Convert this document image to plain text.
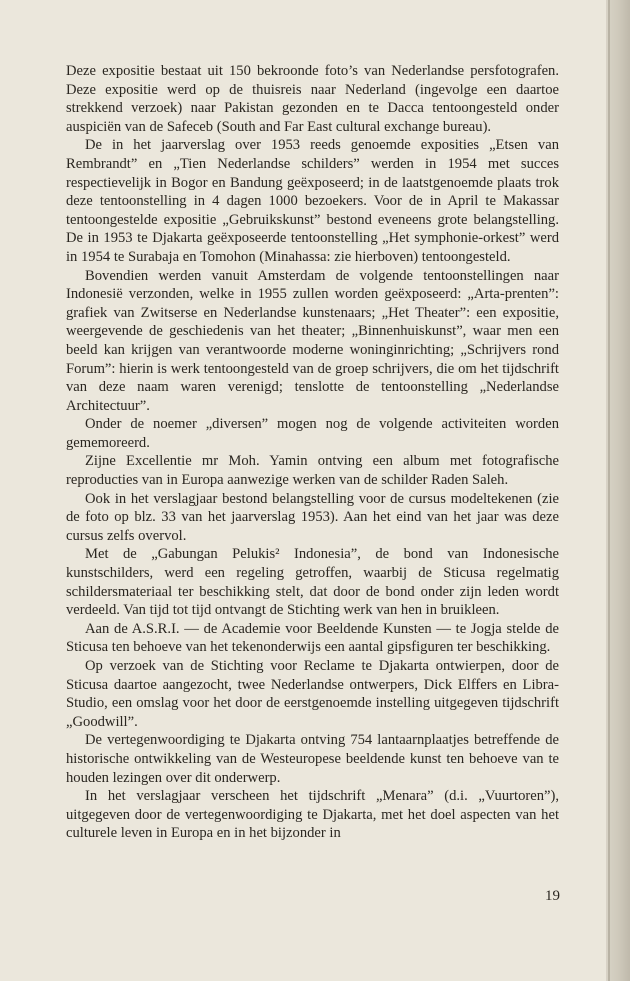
Deze expositie bestaat uit 150 bekroonde foto’s van Nederlandse persfotografen. Deze expositie werd op de thuisreis naar Nederland (ingevolge een daartoe strekkend verzoek) naar Pakistan gezonden en te Dacca tentoongesteld onder auspiciën van de Safeceb (South and Far East cultural exchange bureau).

De in het jaarverslag over 1953 reeds genoemde exposities „Etsen van Rembrandt” en „Tien Nederlandse schilders” werden in 1954 met succes respectievelijk in Bogor en Bandung geëxposeerd; in de laatstgenoemde plaats trok deze tentoonstelling in 4 dagen 1000 bezoekers. Voor de in April te Makassar tentoongestelde expositie „Gebruikskunst” bestond eveneens grote belangstelling. De in 1953 te Djakarta geëxposeerde tentoonstelling „Het symphonie-orkest” werd in 1954 te Surabaja en Tomohon (Minahassa: zie hierboven) tentoongesteld.

Bovendien werden vanuit Amsterdam de volgende tentoonstellingen naar Indonesië verzonden, welke in 1955 zullen worden geëxposeerd: „Arta-prenten”: grafiek van Zwitserse en Nederlandse kunstenaars; „Het Theater”: een expositie, weergevende de geschiedenis van het theater; „Binnenhuiskunst”, waar men een beeld kan krijgen van verantwoorde moderne woninginrichting; „Schrijvers rond Forum”: hierin is werk tentoongesteld van de groep schrijvers, die om het tijdschrift van deze naam waren verenigd; tenslotte de tentoonstelling „Nederlandse Architectuur”.

Onder de noemer „diversen” mogen nog de volgende activiteiten worden gememoreerd.

Zijne Excellentie mr Moh. Yamin ontving een album met fotografische reproducties van in Europa aanwezige werken van de schilder Raden Saleh.

Ook in het verslagjaar bestond belangstelling voor de cursus modeltekenen (zie de foto op blz. 33 van het jaarverslag 1953). Aan het eind van het jaar was deze cursus zelfs overvol.

Met de „Gabungan Pelukis² Indonesia”, de bond van Indonesische kunstschilders, werd een regeling getroffen, waarbij de Sticusa regelmatig schildersmateriaal ter beschikking stelt, dat door de bond onder zijn leden wordt verdeeld. Van tijd tot tijd ontvangt de Stichting werk van hen in bruikleen.

Aan de A.S.R.I. — de Academie voor Beeldende Kunsten — te Jogja stelde de Sticusa ten behoeve van het tekenonderwijs een aantal gipsfiguren ter beschikking.

Op verzoek van de Stichting voor Reclame te Djakarta ontwierpen, door de Sticusa daartoe aangezocht, twee Nederlandse ontwerpers, Dick Elffers en Libra-Studio, een omslag voor het door de eerstgenoemde instelling uitgegeven tijdschrift „Goodwill”.

De vertegenwoordiging te Djakarta ontving 754 lantaarnplaatjes betreffende de historische ontwikkeling van de Westeuropese beeldende kunst ten behoeve van te houden lezingen over dit onderwerp.

In het verslagjaar verscheen het tijdschrift „Menara” (d.i. „Vuurtoren”), uitgegeven door de vertegenwoordiging te Djakarta, met het doel aspecten van het culturele leven in Europa en in het bijzonder in

19
